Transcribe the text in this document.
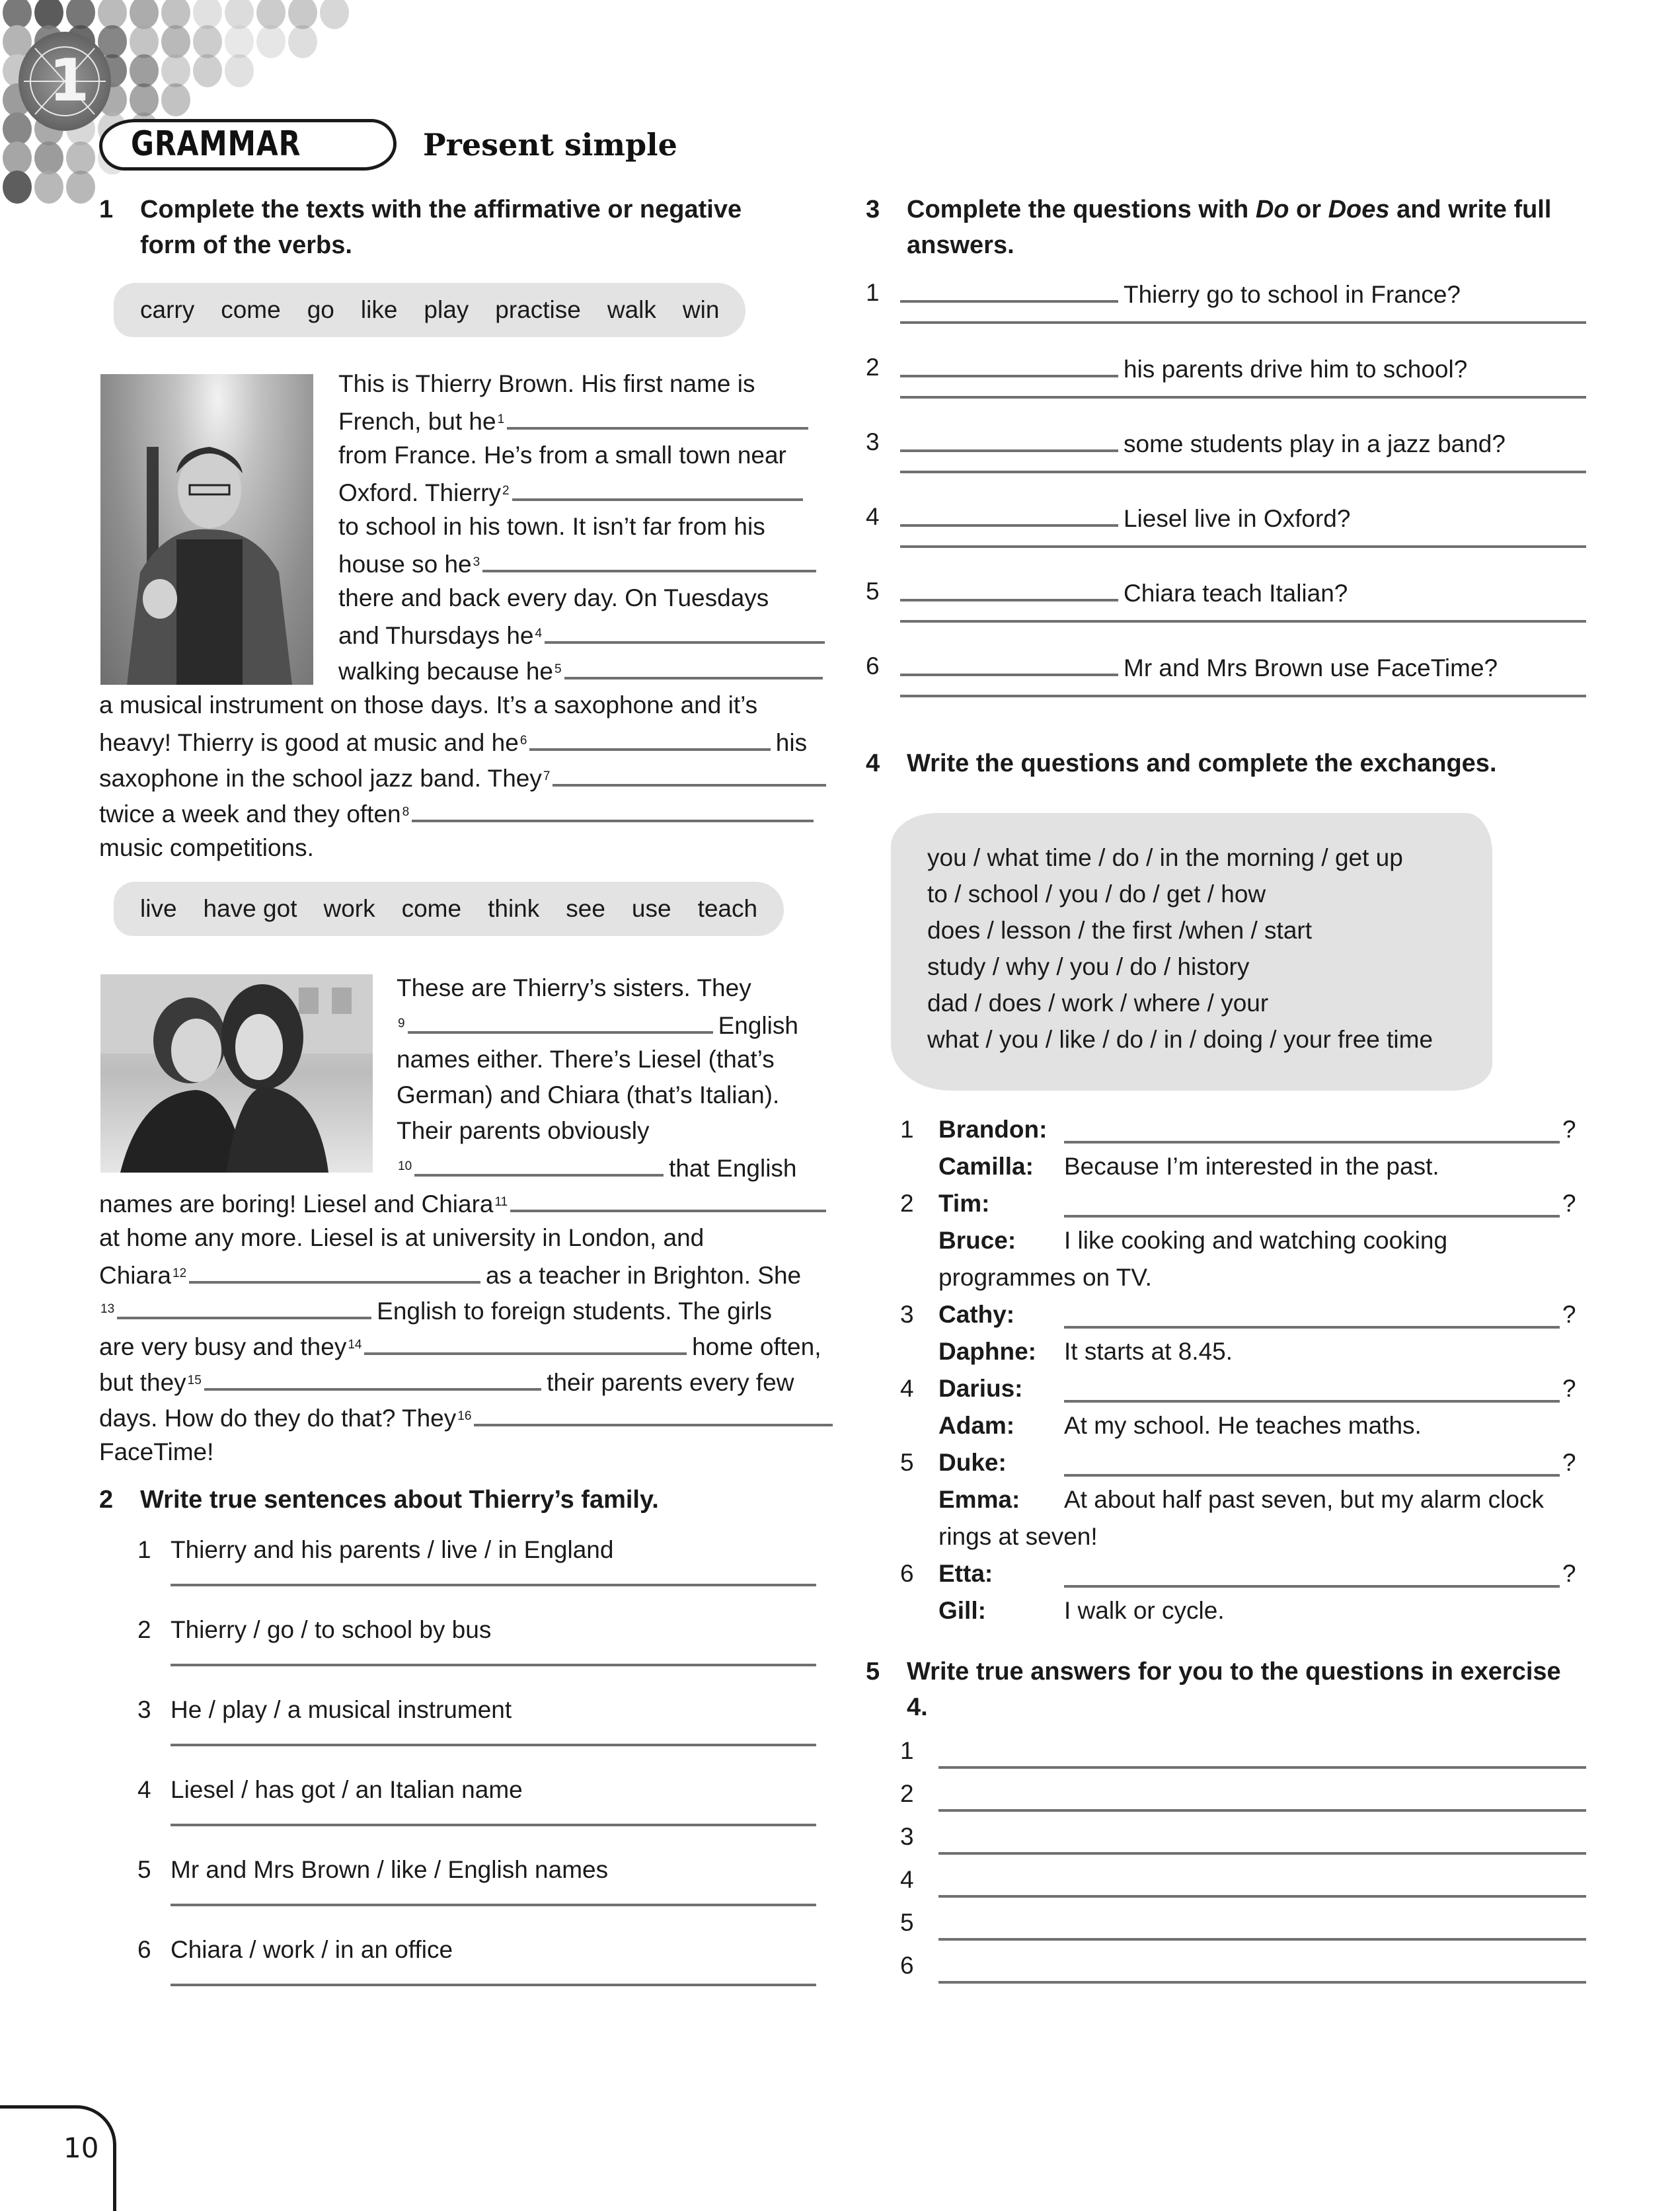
1
GRAMMAR	Present simple
1 Complete the texts with the affirmative or negative
form of the verbs.
carry come go like play practise walk win
This is Thierry Brown. His first name is
French, but he $^1$
from France. He’s from a small town near
Oxford. Thierry $^2$
to school in his town. It isn’t far from his
house so he $^3$
there and back every day. On Tuesdays
and Thursdays he $^4$
walking because he $^5$
a musical instrument on those days. It’s a saxophone and it’s
heavy! Thierry is good at music and he $^6$	his
saxophone in the school jazz band. They $^7$
twice a week and they often $^8$
music competitions.
live have got work come think see use teach
These are Thierry’s sisters. They
$^9$	English
names either. There’s Liesel (that’s
German) and Chiara (that’s Italian).
Their parents obviously
$^{10}$	that English
names are boring! Liesel and Chiara $^{11}$
at home any more. Liesel is at university in London, and
Chiara $^{12}$	as a teacher in Brighton. She
$^{13}$	English to foreign students. The girls
are very busy and they $^{14}$	home often,
but they $^{15}$	their parents every few
days. How do they do that? They $^{16}$
FaceTime!
2 Write true sentences about Thierry’s family.
1 Thierry and his parents / live / in England
2 Thierry / go / to school by bus
3 He / play / a musical instrument
4 Liesel / has got / an Italian name
5 Mr and Mrs Brown / like / English names
6 Chiara / work / in an office
3 Complete the questions with Do or Does and write full
answers.
1	Thierry go to school in France?
2	his parents drive him to school?
3	some students play in a jazz band?
4	Liesel live in Oxford?
5	Chiara teach Italian?
6	Mr and Mrs Brown use FaceTime?
4 Write the questions and complete the exchanges.
you / what time / do / in the morning / get up
to / school / you / do / get / how
does / lesson / the first /when / start
study / why / you / do / history
dad / does / work / where / your
what / you / like / do / in / doing / your free time
1 Brandon:	?
Camilla: Because I’m interested in the past.
2 Tim:	?
Bruce: I like cooking and watching cooking
programmes on TV.
3 Cathy:	?
Daphne: It starts at 8.45.
4 Darius:	?
Adam: At my school. He teaches maths.
5 Duke:	?
Emma: At about half past seven, but my alarm clock
rings at seven!
6 Etta:	?
Gill:	I walk or cycle.
5 Write true answers for you to the questions in exercise 4.
1
2
3
4
5
6
10
